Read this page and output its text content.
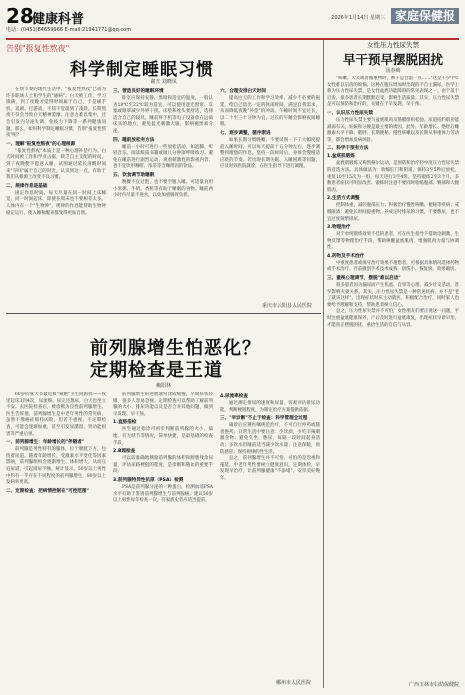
28
健康科普
电话：(0451)84659966 E-mail:21941771@qq.com
2026年1月14日 星期三 家庭保健报
告别"报复性熬夜"
科学制定睡眠习惯
谢丑 刘晓凤

在快节奏的现代生活中，"报复性熬夜"已成为许多职场人士和学生的"通病"。白天被工作、学习填满，到了夜晚才觉得时间属于自己，于是刷手机、追剧、打游戏，不知不觉就到了凌晨。长期熬夜不仅会导致白天精神萎靡、注意力难以集中，还会引发内分泌失调、免疫力下降等一系列健康问题。那么，如何科学制定睡眠习惯，告别"报复性熬夜"呢？

一、理解"报复性熬夜"的心理根源

"报复性熬夜"本质上是一种心理补偿行为。白天时间被工作和学业占据，缺乏自主支配的时间，到了夜晚便不愿意入睡，试图通过延长清醒时间来"夺回"属于自己的时光。认识到这一点，有助于我们从根源上改变不良习惯。

二、规律作息是基础

固定作息时间，每天尽量在同一时间上床睡觉、同一时间起床，即使在周末也不要相差太多。人体内有一个"生物钟"，规律的作息能帮助生物钟稳定运行，使入睡和醒来都变得更加自然。

三、营造良好的睡眠环境

卧室应保持安静、黑暗和适宜的温度，一般认为18℃至22℃较为适宜。可以使用遮光窗帘、耳塞或眼罩减少外界干扰。床垫和枕头要舒适，选择适合自己的寝具。睡前将手机等电子设备放在远离床头的地方，避免蓝光刺激大脑，影响褪黑素分泌。

四、睡前放松有方法

睡前一小时可进行一些放松活动，如泡脚、听轻音乐、阅读纸质书籍或做几分钟深呼吸练习。避免在睡前进行剧烈运动、观看刺激性的影视内容，也不宜饮用咖啡、浓茶等含咖啡因的饮品。

五、饮食调节助睡眠

晚餐不宜过饱，也不要空腹入睡。可适量食用小米粥、牛奶、香蕉等有助于睡眠的食物。睡前两小时内尽量不进食，以免加重肠胃负担。

六、合理安排白天时间

提高白天的工作和学习效率，减少不必要的拖延，给自己留出一定的休闲时间，满足自我需求，从而降低夜晚"补偿"的冲动。午睡时间不宜过长，以二十至三十分钟为宜，过长的午睡会影响夜间睡眠。

七、逐步调整，循序渐进

如果长期习惯晚睡，不要试图一下子大幅度提前入睡时间，可以每天提前十五分钟左右，逐步调整到理想的作息。坚持一段时间后，身体会慢慢适应新的节奏。若出现长期失眠、入睡困难等问题，应及时到医院就诊，在医生指导下进行调理。

重庆市云阳县人民医院
前列腺增生怕恶化？
定期检查是王道
赖阳林

60岁的张大爷最近被"频跑"卫生间困扰——夜里起床3到4次，尿流细、尿完还想尿，白天也坐立不安。去医院检查后，被诊断为良性前列腺增生。医生告诉他，前列腺增生是中老年男性的常见病，虽然不像癌症那样凶险，但若不重视、不定期检查，可能会逐渐加重，甚至引发尿潴留、肾功能损害等严重后果。

一、前列腺增生：年龄增长的"伴随者"

前列腺是男性特有的腺体，位于膀胱下方，包绕着尿道。随着年龄增长，受激素水平变化等因素影响，前列腺组织会逐渐增生、体积增大，从而压迫尿道，引起排尿不畅。统计显示，50岁以上男性中约有一半存在不同程度的前列腺增生，80岁以上发病率更高。

二、定期检查：把病情控制在"可控范围"

前列腺增生的进展通常比较缓慢，早期症状轻微，很多人容易忽视。定期检查可以帮助了解前列腺的大小、排尿功能以及是否合并其他问题，做到早发现、早干预。

1.直肠指检

医生通过指诊可初步判断前列腺的大小、质地、有无结节等情况，简单快捷，是最基础的检查手段。

2.B超检查

可以较准确地测量前列腺的体积和膀胱残余尿量，评估尿路梗阻的程度，是诊断和随访的重要手段。

3.前列腺特异性抗原（PSA）检测

PSA是前列腺分泌的一种蛋白，检测血清PSA水平有助于鉴别前列腺增生与前列腺癌。建议50岁以上男性每年检查一次，有家族史者应适当提前。

4.尿流率检查

通过测定排尿的速度和尿量，客观评估排尿功能，判断梗阻程度，为制定治疗方案提供依据。

三、"早诊断"不止于检查：科学管理全过程

确诊后应遵医嘱规范治疗，不可自行停药或随意换药。日常生活中要注意：少饮酒，少吃辛辣刺激食物；避免久坐、憋尿，每隔一段时间起身活动；多饮水但睡前适当减少饮水量；注意保暖，预防感冒；保持规律的性生活。

总之，前列腺增生并不可怕，可怕的是忽视和拖延。中老年男性要树立健康意识，定期体检，早发现早治疗，让前列腺健康"不添堵"，安享美好晚年。

郴州市人民医院
女性压力性尿失禁
早干预早摆脱困扰
汤春梅

"咳嗽、大笑或者搬重物时，裤子总会湿一点……"这是不少中年女性难以启齿的烦恼。这种在腹压增加时出现的不自主漏尿，医学上称为压力性尿失禁，是女性盆底功能障碍的常见表现之一。由于羞于启齿，很多患者长期默默忍受，影响生活质量。其实，压力性尿失禁是可以预防和治疗的，关键在于早发现、早干预。

一、认识压力性尿失禁

压力性尿失禁主要与盆底肌肉及筋膜组织松弛、尿道括约肌功能减弱有关。妊娠和分娩是最主要的诱因，此外，年龄增长、绝经后雌激素水平下降、肥胖、长期便秘、慢性咳嗽以及长期从事重体力劳动等，都会增加发病风险。

二、科学干预有方法
1.盆底肌锻炼

盆底肌锻炼又称凯格尔运动，是预防和治疗轻中度压力性尿失禁的首选方法。具体做法为：收缩肛门和阴道，保持3至5秒后放松，重复10至15次为一组，每天进行3至4组。坚持锻炼2至3个月，多数患者症状可明显改善。锻炼时注意不要同时收缩腹部、臀部和大腿肌肉。

2.生活方式调整

控制体重，减轻腹部压力；积极治疗慢性咳嗽、便秘等疾病；戒烟限酒；避免长时间提重物；养成定时排尿的习惯，不要憋尿，也不宜过度频繁排尿。

3.物理治疗

对于单纯锻炼效果不佳的患者，可在医生指导下借助电刺激、生物反馈等物理治疗手段，帮助唤醒盆底肌肉，增强肌肉力量与协调性。

4.药物及手术治疗

中重度患者或保守治疗效果不理想者，可根据具体情况选择药物或手术治疗。目前微创手术技术成熟，创伤小、恢复快，效果确切。

三、重视心理调节，摆脱"难以启齿"

很多患者因为漏尿而产生焦虑、自卑等心理，减少社交活动，甚至影响夫妻关系。其实，压力性尿失禁是一种常见疾病，并不是"老了就该这样"。出现症状时应主动就医，积极配合治疗，同时家人也要给予理解和支持，帮助患者树立信心。

总之，压力性尿失禁并不可怕，女性朋友们要正视这一问题，平时注重盆底健康保养，产后及时进行盆底康复，出现症状早诊早治，才能真正摆脱困扰，重拾生活的自信与从容。

广西玉林市妇幼保健院
